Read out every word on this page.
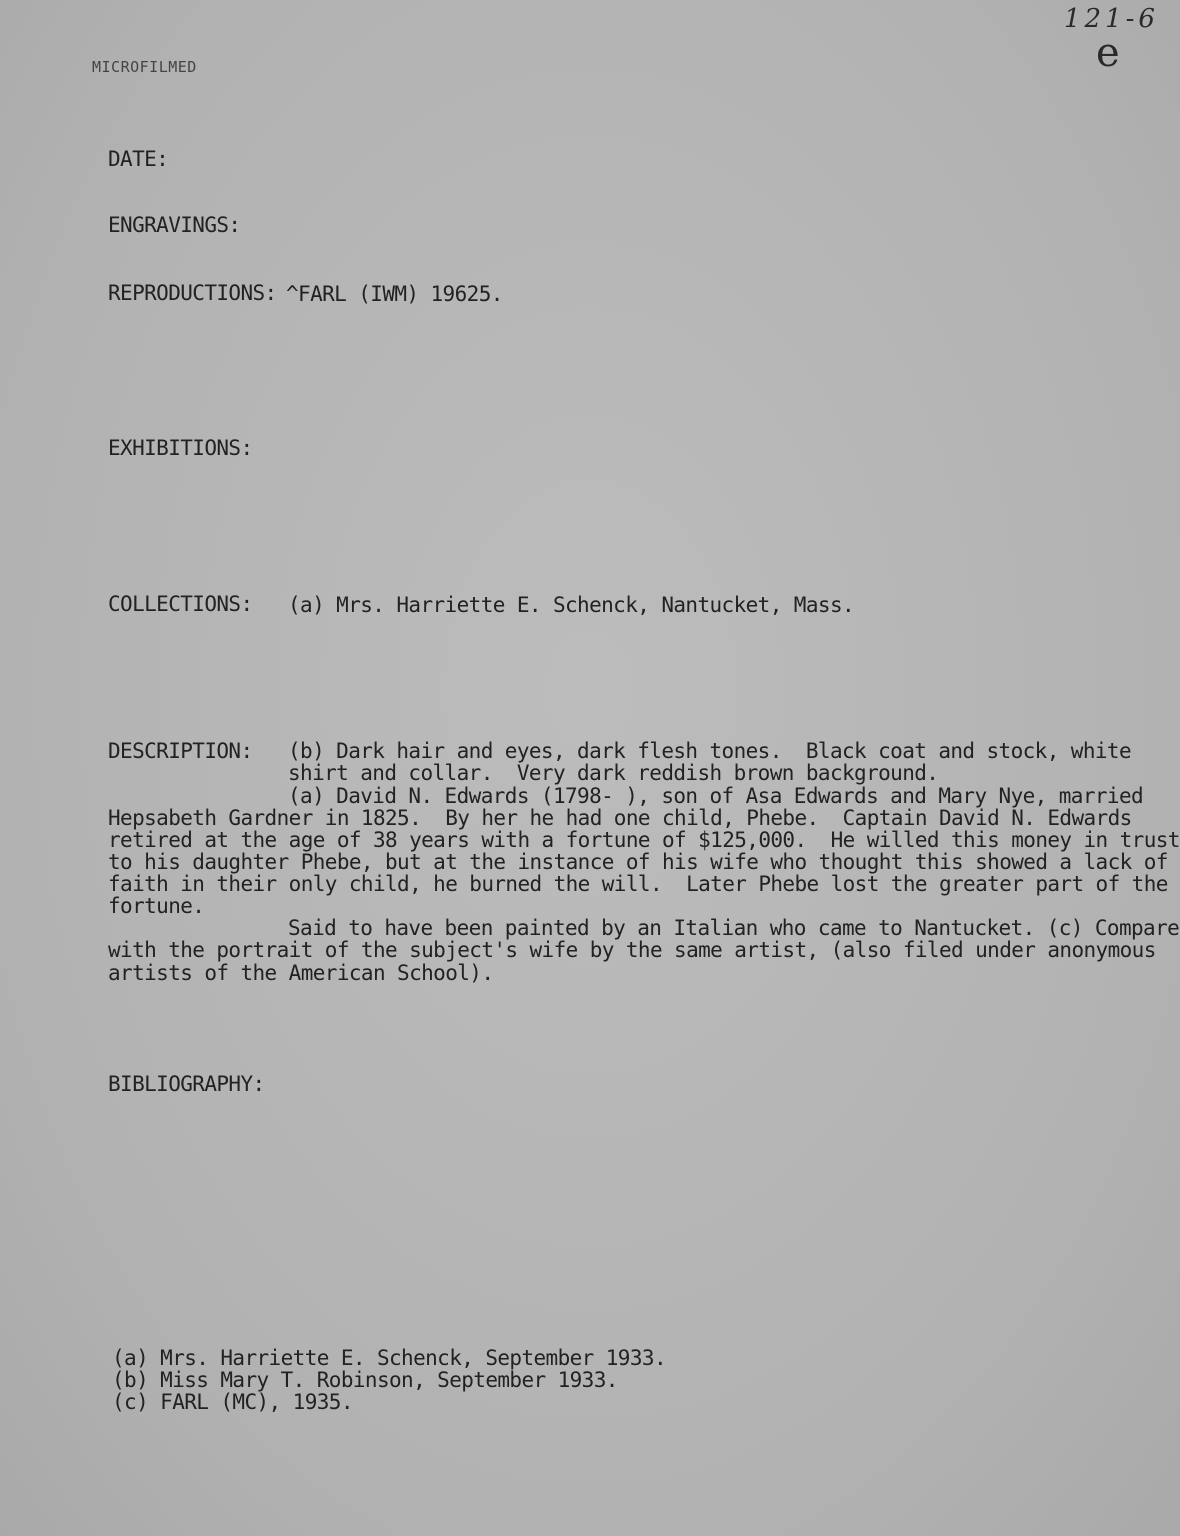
MICROFILMED
121-6
e
DATE:
ENGRAVINGS:
REPRODUCTIONS: ^FARL (IWM) 19625.
EXHIBITIONS:
COLLECTIONS: (a) Mrs. Harriette E. Schenck, Nantucket, Mass.
DESCRIPTION: (b) Dark hair and eyes, dark flesh tones.  Black coat and stock, white
shirt and collar.  Very dark reddish brown background.
(a) David N. Edwards (1798- ), son of Asa Edwards and Mary Nye, married
Hepsabeth Gardner in 1825.  By her he had one child, Phebe.  Captain David N. Edwards
retired at the age of 38 years with a fortune of $125,000.  He willed this money in trust
to his daughter Phebe, but at the instance of his wife who thought this showed a lack of
faith in their only child, he burned the will.  Later Phebe lost the greater part of the
fortune.
Said to have been painted by an Italian who came to Nantucket. (c) Compare
with the portrait of the subject's wife by the same artist, (also filed under anonymous
artists of the American School).
BIBLIOGRAPHY:
(a) Mrs. Harriette E. Schenck, September 1933.
(b) Miss Mary T. Robinson, September 1933.
(c) FARL (MC), 1935.
